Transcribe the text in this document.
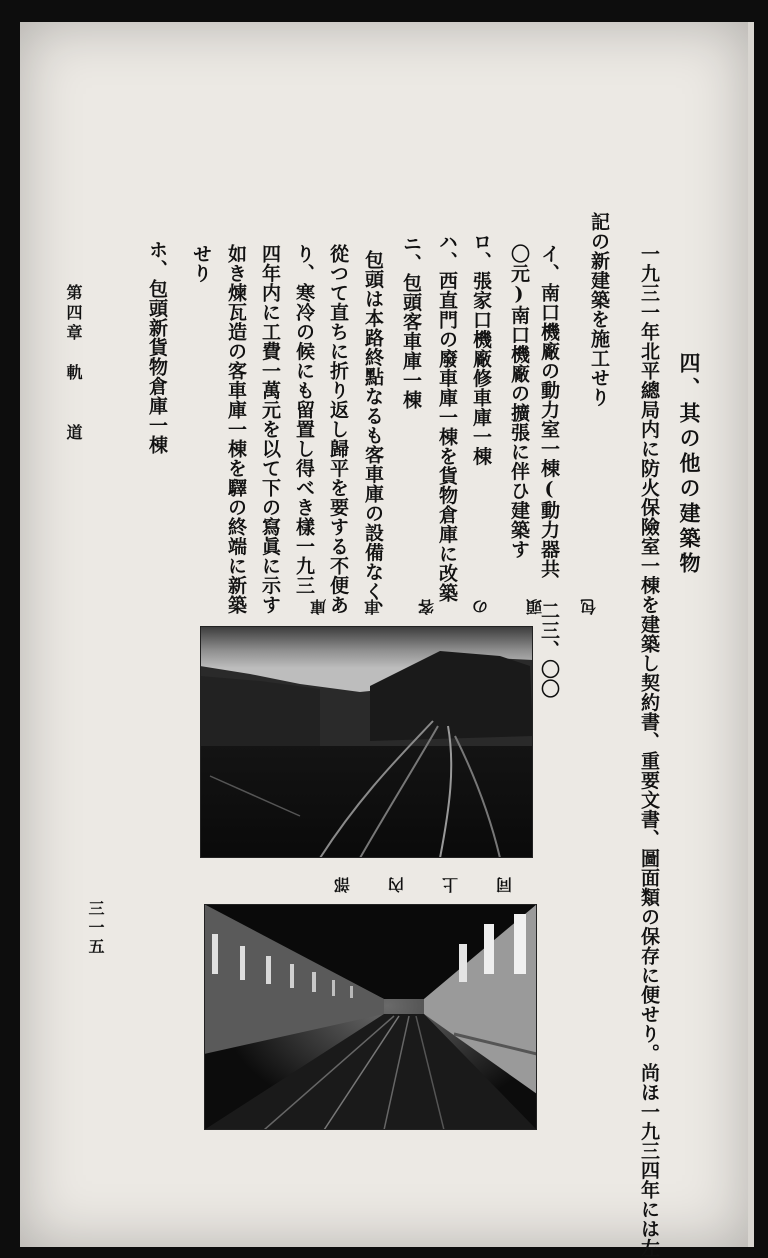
四、其の他の建築物
一九三一年北平總局内に防火保險室一棟を建築し契約書、重要文書、圖面類の保存に便せり。尚ほ一九三四年には左
記の新建築を施工せり
イ、南口機廠の動力室一棟(動力器共 二三、〇〇
〇元)南口機廠の擴張に伴ひ建築す
ロ、張家口機廠修車庫一棟
ハ、西直門の廢車庫一棟を貨物倉庫に改築
ニ、包頭客車庫一棟
包頭は本路終點なるも客車庫の設備なく、
從つて直ちに折り返し歸平を要する不便あ
り、寒冷の候にも留置し得べき樣一九三
四年内に工費一萬元を以て下の寫眞に示す
如き煉瓦造の客車庫一棟を驛の終端に新築
せり
ホ、包頭新貨物倉庫一棟
第四章　軌　　道
三一五
包頭の客車庫
同上內部
